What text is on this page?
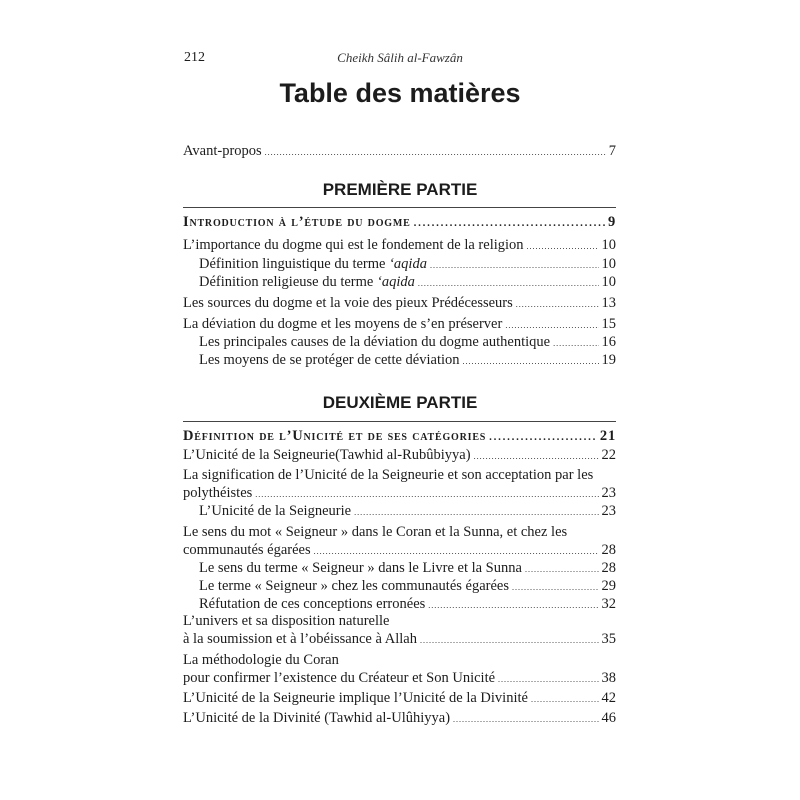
212	Cheikh Sâlih al-Fawzân
Table des matières
Avant-propos . . .	7
PREMIÈRE PARTIE
Introduction à l’étude du dogme . . .	9
L’importance du dogme qui est le fondement de la religion . . .	10
Définition linguistique du terme ‘aqida . . .	10
Définition religieuse du terme ‘aqida . . .	10
Les sources du dogme et la voie des pieux Prédécesseurs . . .	13
La déviation du dogme et les moyens de s’en préserver . . .	15
Les principales causes de la déviation du dogme authentique . . .	16
Les moyens de se protéger de cette déviation . . .	19
DEUXIÈME PARTIE
Définition de l’Unicité et de ses catégories . . .	21
L’Unicité de la Seigneurie(Tawhid al-Rubûbiyya) . . .	22
La signification de l’Unicité de la Seigneurie et son acceptation par les
polythéistes . . .	23
L’Unicité de la Seigneurie . . .	23
Le sens du mot « Seigneur » dans le Coran et la Sunna, et chez les
communautés égarées . . .	28
Le sens du terme « Seigneur » dans le Livre et la Sunna . . .	28
Le terme « Seigneur » chez les communautés égarées . . .	29
Réfutation de ces conceptions erronées . . .	32
L’univers et sa disposition naturelle
à la soumission et à l’obéissance à Allah . . .	35
La méthodologie du Coran
pour confirmer l’existence du Créateur et Son Unicité . . .	38
L’Unicité de la Seigneurie implique l’Unicité de la Divinité . . .	42
L’Unicité de la Divinité (Tawhid al-Ulûhiyya) . . .	46
